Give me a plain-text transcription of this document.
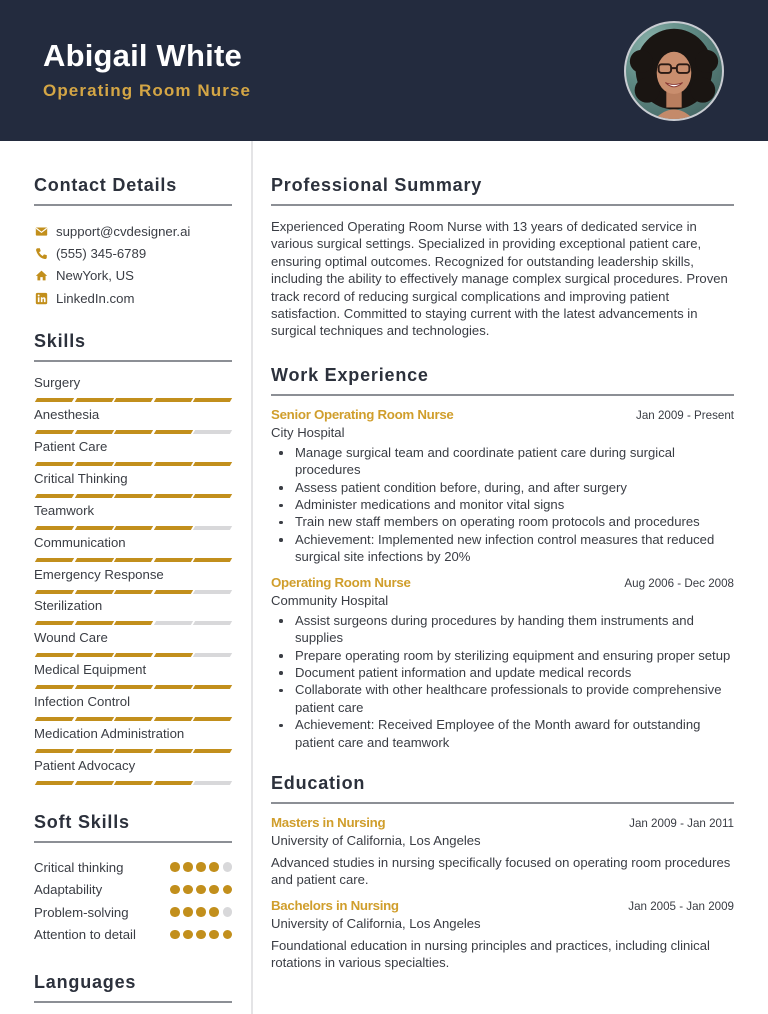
Abigail White
Operating Room Nurse
Contact Details
support@cvdesigner.ai
(555) 345-6789
NewYork, US
LinkedIn.com
Skills
Surgery
Anesthesia
Patient Care
Critical Thinking
Teamwork
Communication
Emergency Response
Sterilization
Wound Care
Medical Equipment
Infection Control
Medication Administration
Patient Advocacy
Soft Skills
Critical thinking
Adaptability
Problem-solving
Attention to detail
Languages
Professional Summary

Experienced Operating Room Nurse with 13 years of dedicated service in various surgical settings. Specialized in providing exceptional patient care, ensuring optimal outcomes. Recognized for outstanding leadership skills, including the ability to effectively manage complex surgical procedures. Proven track record of reducing surgical complications and improving patient satisfaction. Committed to staying current with the latest advancements in surgical techniques and technologies.

Work Experience
Senior Operating Room Nurse	Jan 2009 - Present
City Hospital
Manage surgical team and coordinate patient care during surgical procedures
Assess patient condition before, during, and after surgery
Administer medications and monitor vital signs
Train new staff members on operating room protocols and procedures
Achievement: Implemented new infection control measures that reduced surgical site infections by 20%
Operating Room Nurse	Aug 2006 - Dec 2008
Community Hospital
Assist surgeons during procedures by handing them instruments and supplies
Prepare operating room by sterilizing equipment and ensuring proper setup
Document patient information and update medical records
Collaborate with other healthcare professionals to provide comprehensive patient care
Achievement: Received Employee of the Month award for outstanding patient care and teamwork
Education
Masters in Nursing	Jan 2009 - Jan 2011
University of California, Los Angeles

Advanced studies in nursing specifically focused on operating room procedures and patient care.

Bachelors in Nursing	Jan 2005 - Jan 2009
University of California, Los Angeles

Foundational education in nursing principles and practices, including clinical rotations in various specialties.
